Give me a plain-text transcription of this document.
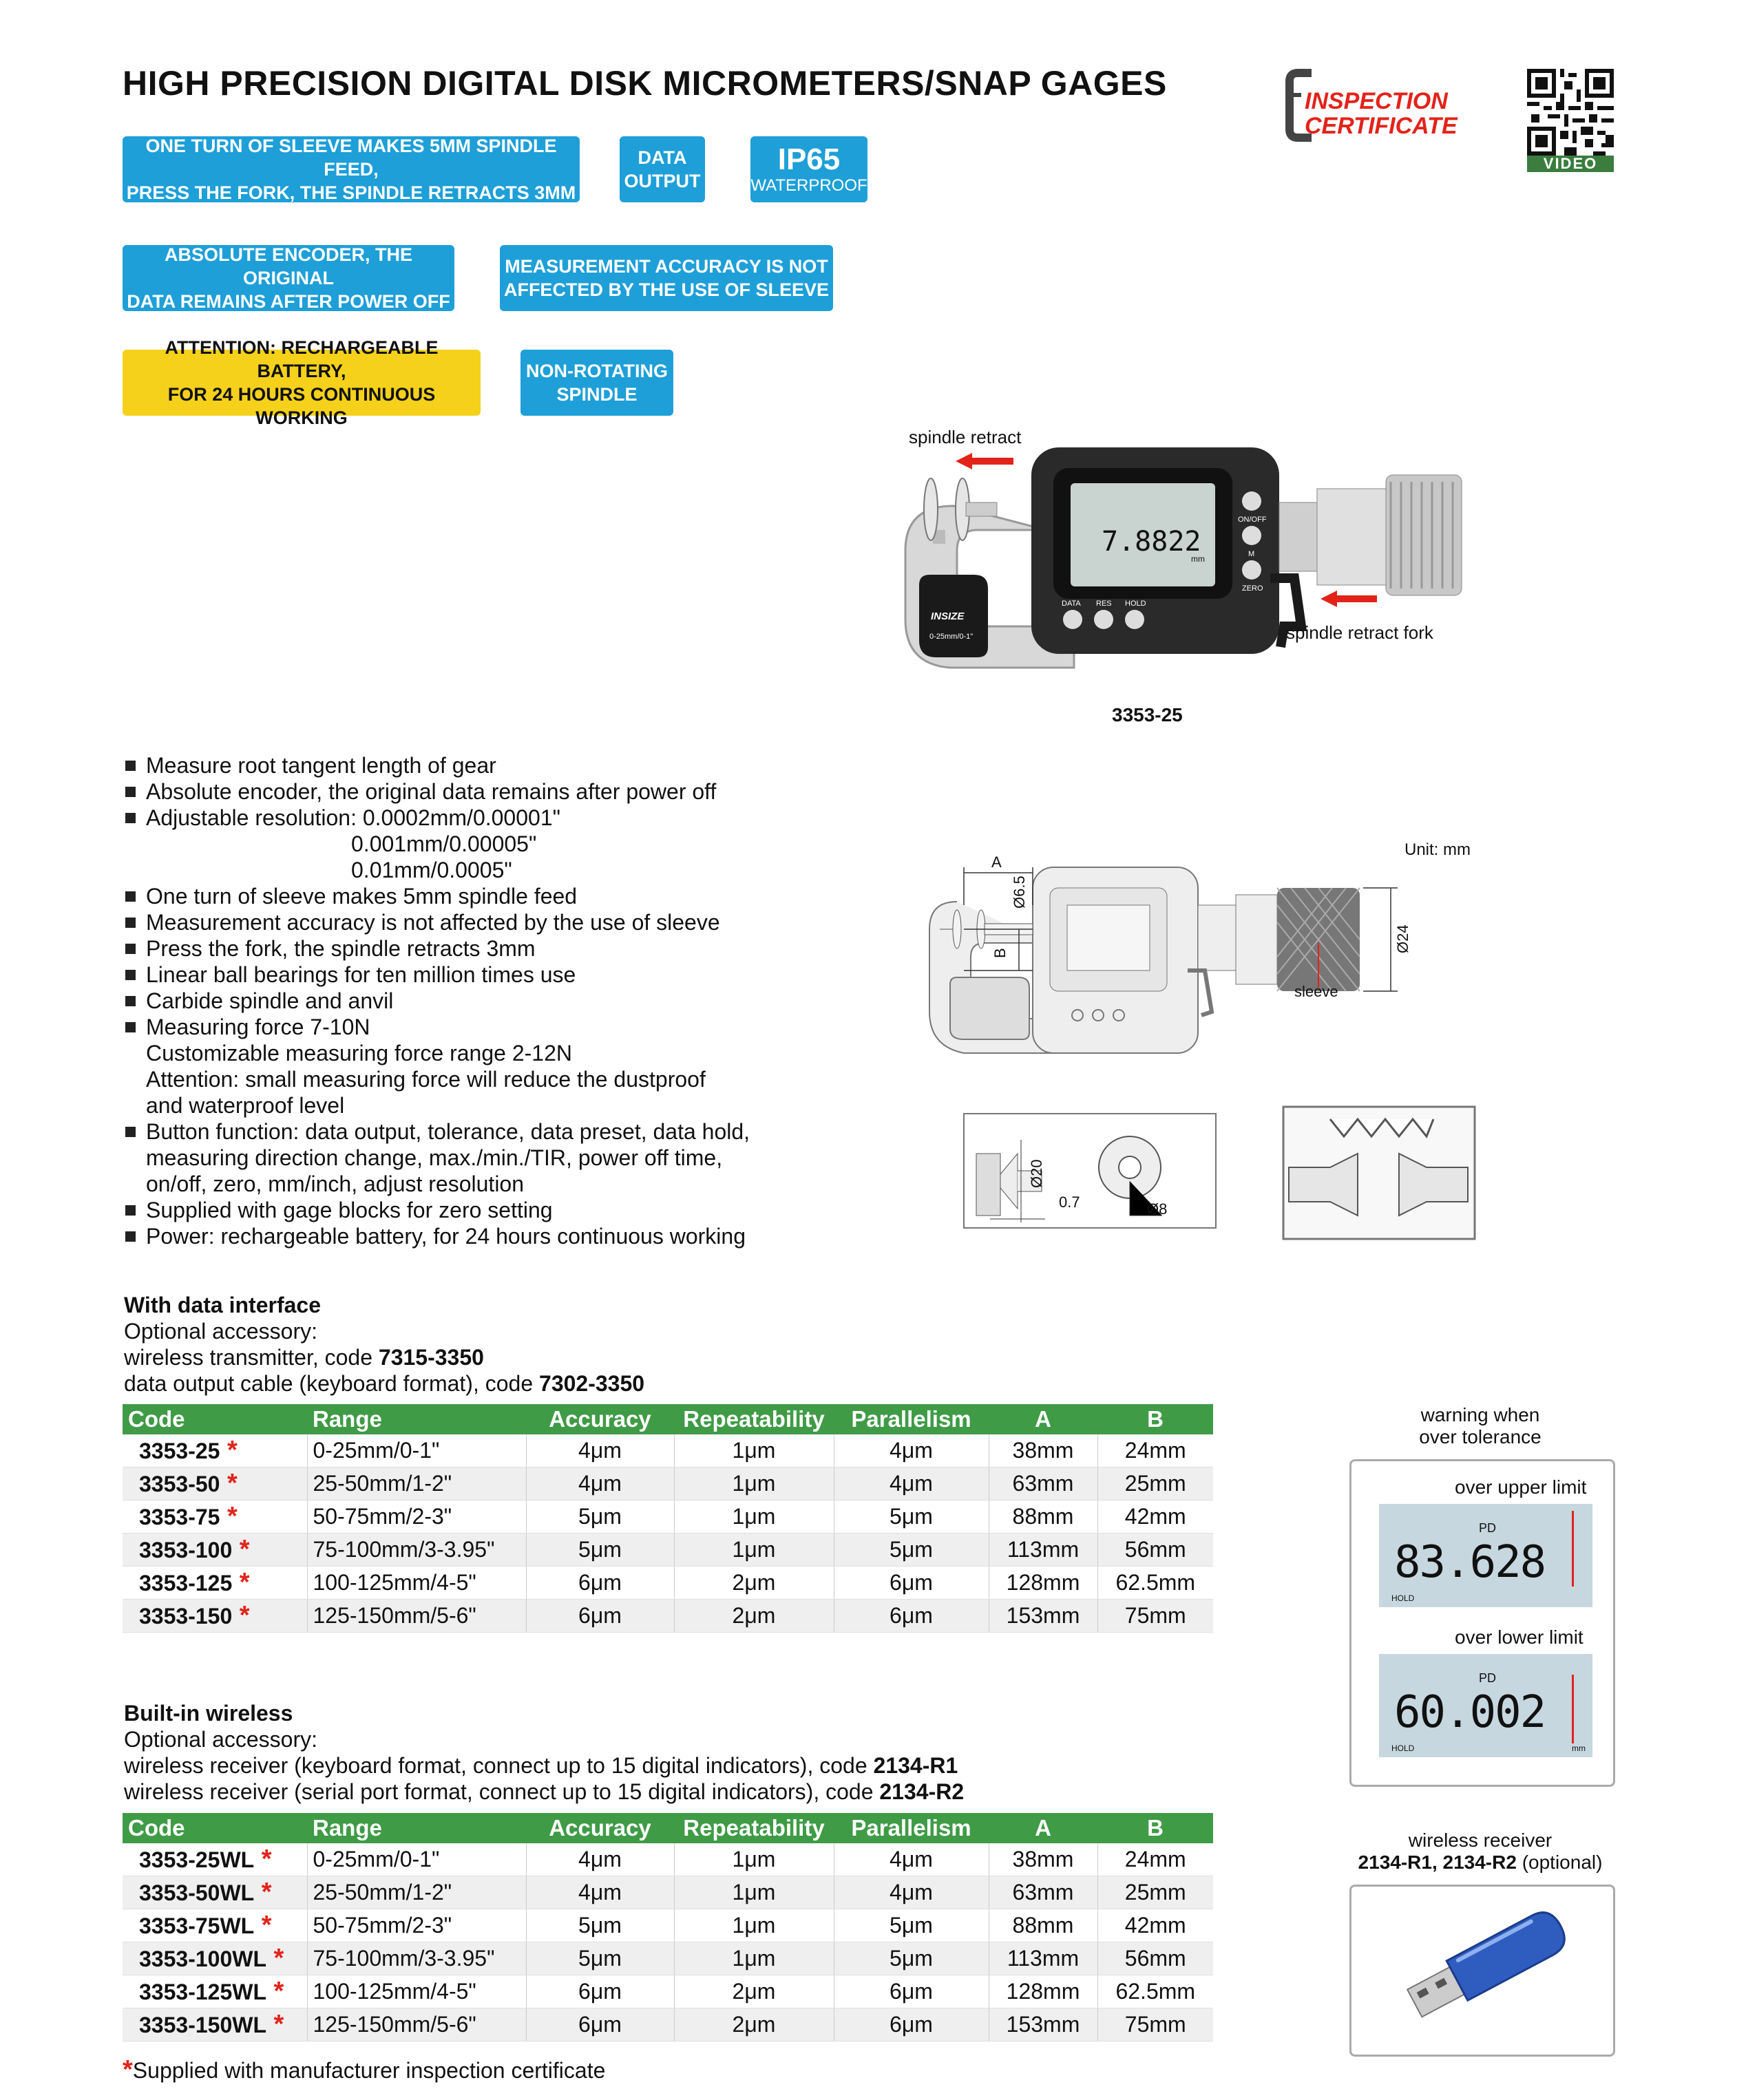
HIGH PRECISION DIGITAL DISK MICROMETERS/SNAP GAGES
ONE TURN OF SLEEVE MAKES 5MM SPINDLE FEED,
PRESS THE FORK, THE SPINDLE RETRACTS 3MM
DATA
OUTPUT
IP65
WATERPROOF
ABSOLUTE ENCODER, THE ORIGINAL
DATA REMAINS AFTER POWER OFF
MEASUREMENT ACCURACY IS NOT
AFFECTED BY THE USE OF SLEEVE
ATTENTION: RECHARGEABLE BATTERY,
FOR 24 HOURS CONTINUOUS WORKING
NON-ROTATING
SPINDLE
INSPECTION
CERTIFICATE
VIDEO
spindle retract
INSIZE
0-25mm/0-1"
7.8822
mm
ON/OFF
M
ZERO
DATA RES HOLD
spindle retract fork
3353-25
Measure root tangent length of gear
Absolute encoder, the original data remains after power off
Adjustable resolution: 0.0002mm/0.00001"
0.001mm/0.00005"
0.01mm/0.0005"
One turn of sleeve makes 5mm spindle feed
Measurement accuracy is not affected by the use of sleeve
Press the fork, the spindle retracts 3mm
Linear ball bearings for ten million times use
Carbide spindle and anvil
Measuring force 7-10N
Customizable measuring force range 2-12N
Attention: small measuring force will reduce the dustproof
and waterproof level
Button function: data output, tolerance, data preset, data hold,
measuring direction change, max./min./TIR, power off time,
on/off, zero, mm/inch, adjust resolution
Supplied with gage blocks for zero setting
Power: rechargeable battery, for 24 hours continuous working
Unit: mm
A
Ø6.5
B	Ø24
sleeve
Ø20
0.7	Ø8
With data interface
Optional accessory:
wireless transmitter, code 7315-3350
data output cable (keyboard format), code 7302-3350
Code	Range	Accuracy	Repeatability	Parallelism	A	B
3353-25 *	0-25mm/0-1"	4μm	1μm	4μm	38mm	24mm
3353-50 *	25-50mm/1-2"	4μm	1μm	4μm	63mm	25mm
3353-75 *	50-75mm/2-3"	5μm	1μm	5μm	88mm	42mm
3353-100 *	75-100mm/3-3.95"	5μm	1μm	5μm	113mm	56mm
3353-125 *	100-125mm/4-5"	6μm	2μm	6μm	128mm	62.5mm
3353-150 *	125-150mm/5-6"	6μm	2μm	6μm	153mm	75mm
Built-in wireless
Optional accessory:
wireless receiver (keyboard format, connect up to 15 digital indicators), code 2134-R1
wireless receiver (serial port format, connect up to 15 digital indicators), code 2134-R2
Code	Range	Accuracy	Repeatability	Parallelism	A	B
3353-25WL *	0-25mm/0-1"	4μm	1μm	4μm	38mm	24mm
3353-50WL *	25-50mm/1-2"	4μm	1μm	4μm	63mm	25mm
3353-75WL *	50-75mm/2-3"	5μm	1μm	5μm	88mm	42mm
3353-100WL *	75-100mm/3-3.95"	5μm	1μm	5μm	113mm	56mm
3353-125WL *	100-125mm/4-5"	6μm	2μm	6μm	128mm	62.5mm
3353-150WL *	125-150mm/5-6"	6μm	2μm	6μm	153mm	75mm
warning when
over tolerance
over upper limit
PD
83.628
HOLD
over lower limit
PD
60.002
HOLD	mm
wireless receiver
2134-R1, 2134-R2 (optional)
*Supplied with manufacturer inspection certificate
